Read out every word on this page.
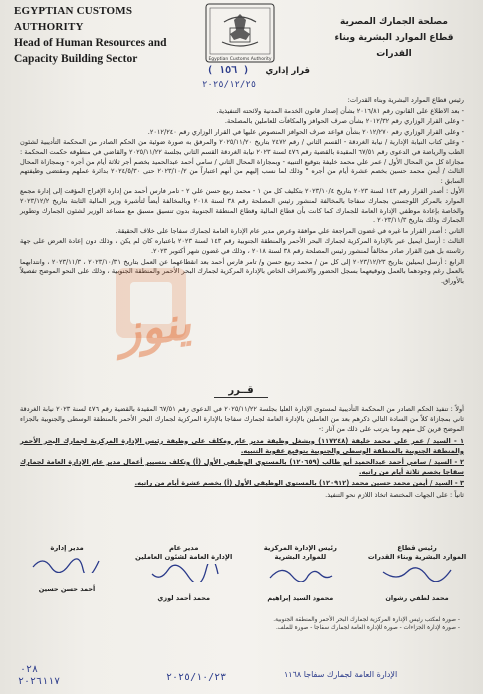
EGYPTIAN CUSTOMS AUTHORITY
Head of Human Resources and
Capacity Building Sector	Egyptian Customs Authority
مصلحة الجمارك المصرية
قطاع الموارد البشرية وبناء القدرات
قرار إداري
( ١٥٦ )
٢٠٢٥/١٢/٢٥

رئيس قطاع الموارد البشرية وبناء القدرات:

- بعد الاطلاع على القانون رقم ٢٠١٦/٨١ بشأن إصدار قانون الخدمة المدنية ولائحته التنفيذية.

- وعلى القرار الوزاري رقم ٢٠١٢/٣٢ بشأن صرف الحوافز والمكافآت للعاملين بالمصلحة.

- وعلى القرار الوزاري رقم ٢٠١٢/٢٧٠ بشأن قواعد صرف الحوافز المنصوص عليها في القرار الوزاري رقم ٢٠١٢/٢٤٠.

- وعلى كتاب النيابة الإدارية / نيابة الغردقة - القسم الثاني / رقم ٢٤٧٢ بتاريخ ٢٠٢٥/١١/٢٠ والمرفق به صورة ضوئية من الحكم الصادر من المحكمة التأديبية لشئون الطب والرياضة في الدعوى رقم ٦٧/٥١ المقيدة بالقضية رقم ٤٧٦ لسنة ٢٠٢٣ نيابة الغردقة القسم الثاني بجلسة ٢٠٢٥/١١/٢٢ والقاضي في منطوقه حكمت المحكمة : مجازاة كل من المحال الأول / عمر علي محمد خليفة بتوقيع التنبيه - وبمجازاة المحال الثاني / سامي أحمد عبدالحميد بخصم أجر ثلاثة أيام من أجره - وبمجازاة المحال الثالث / أيمن محمد حسين بخصم عشرة أيام من أجره " وذلك لما نسب إليهم من أنهم اعتباراً من ٢٠٢٣/١٠/٢ حتى ٢٠٢٤/٥/٣٠ بدائرة عملهم ومقتضى وظيفتهم السابق :

الأول : أصدر القرار رقم ١٤٣ لسنة ٢٠٢٣ بتاريخ ٢٠٢٣/١٠/٤ بتكليف كل من ١ - محمد ربيع حسن علي ٢ - تامر فارس أحمد من إدارة الإفراج المؤقت إلى إدارة مجمع الموارد بالمركز اللوجستي بجمارك سفاجا بالمخالفة لمنشور رئيس المصلحة رقم ٣٨ لسنة ٢٠١٨ وبالمخالفة أيضاً لتأشيرة وزير المالية الثابتة بتاريخ ٢٠٢٣/١٢/٢ والخاصة بإعادة موظفي الإدارة العامة للجمارك كما كانت بأن قطاع المالية وقطاع المنطقة الجنوبية بدون تنسيق مسبق مع مساعد الوزير لشئون الجمارك وتطوير الجمارك وذلك بتاريخ ٢٠٢٣/١١/٣ .

الثاني : أصدر القرار ما غيره في غضون المراجعة علي موافقة وعرض مدير عام الإدارة العامة لجمارك سفاجا على خلاف الحقيقة.

الثالث : أرسل ايميل عبر بالإدارة المركزية لجمارك البحر الأحمر والمنطقة الجنوبية رقم ١٤٣ لسنة ٢٠٢٣ باعتباره كان لم يكن ، وذلك دون إعادة العرض على جهة رئاسته بل هيئ القرار صادر مخالفاً لمنشور رئيس المصلحة رقم ٣٨ لسنة ٢٠١٨ ، وذلك في غضون شهر أكتوبر ٢٠٢٣.

الرابع : أرسل ايميلين بتاريخ ٢٠٢٣/١٢/٢٣ إلى كل من / محمد ربيع حسن و/ تامر فارس أحمد بعد انقطاعهما عن العمل بتاريخ ٢٠٢٣/١٠/٣١ ، ٢٠٢٣/١١/٣ ، وانتدابهما بالعمل رغم وجودهما بالعمل وتوقيعهما بسجل الحضور والانصراف الخاص بالإدارة المركزية لجمارك البحر الأحمر والمنطقة الجنوبية ، وذلك على النحو الموضح تفصيلاً بالأوراق.

ينوز
قــرر

أولاً : تنفيذ الحكم الصادر من المحكمة التأديبية لمستوى الإدارة العليا بجلسة ٢٠٢٥/١١/٢٢ في الدعوى رقم ٦٧/٥١ المقيدة بالقضية رقم ٤٧٦ لسنة ٢٠٢٣ نيابة الغردقة ثاني بمجازاة كلاً من السادة التالي ذكرهم بعد من العاملين بالإدارة العامة لجمارك سفاجا بالإدارة المركزية لجمارك البحر الأحمر بالمنطقة الوسطى والجنوبية بالجزاء الموضح قرين كل منهم وما يترتب على ذلك من آثار :-

١ - السيد / عمر علي محمد خليفة (١١٧٢٤٨) ويشغل وظيفة مدير عام ومكلف علي وظيفة رئيس الإدارة المركزية لجمارك البحر الأحمر والمنطقة الجنوبية بالمنطقة الوسطى والجنوبية بتوقيع عقوبة التنبيه.

٢ - السيد / سامي أحمد عبدالحميد أبو طالب (١٢٠٦٥٩) بالمستوى الوظيفي الأول (أ) وتكلف بتسيير أعمال مدير عام الإدارة العامة لجمارك سفاجا بخصم ثلاثة أيام من راتبه.

٣ - السيد / أيمن محمد حسين محمد (١٢٠٩١٢) بالمستوى الوظيفي الأول (أ) بخصم عشرة أيام من راتبه.

ثانياً : على الجهات المختصة اتخاذ اللازم نحو التنفيذ.

مدير إدارة
أحمد حسن حسين
مدير عام
الإدارة العامة لشئون العاملين
محمد أحمد لوزي
رئيس الإدارة المركزية
للموارد البشرية
محمود السيد إبراهيم
رئيس قطاع
الموارد البشرية وبناء القدرات
محمد لطفي رشوان
- صورة لمكتب رئيس الإدارة المركزية لجمارك البحر الأحمر والمنطقة الجنوبية.
- صورة لإدارة الجزاءات - صورة للإدارة العامة لجمارك سفاجا - صورة للملف.
٠٢٨
٢٠٢٦١١٧	٢٠٢٥/١٠/٢٣	الإدارة العامة لجمارك سفاجا ١١٦٨
